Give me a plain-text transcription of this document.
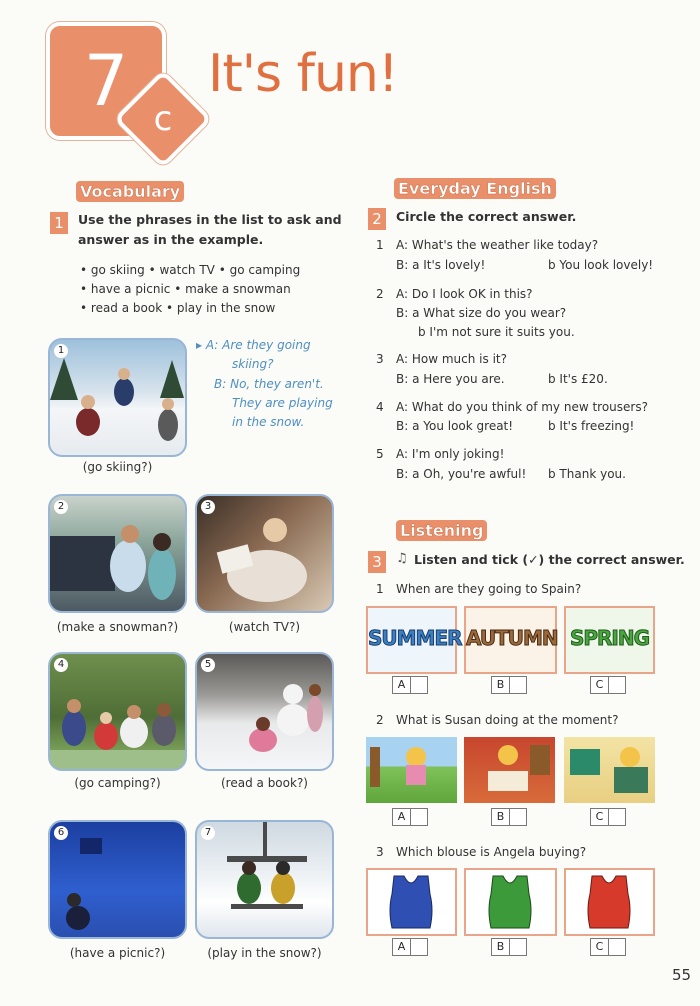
7 c
It's fun!
Vocabulary
1	Use the phrases in the list to ask and
answer as in the example.
• go skiing • watch TV • go camping
• have a picnic • make a snowman
• read a book • play in the snow
▸ A: Are they going
skiing?
B: No, they aren't.
They are playing
in the snow.
1
(go skiing?)
2
(make a snowman?)
3
(watch TV?)
4
(go camping?)
5
(read a book?)
6
(have a picnic?)
7
(play in the snow?)
Everyday English
2	Circle the correct answer.
1 A: What's the weather like today?
B: a It's lovely!	b You look lovely!
2 A: Do I look OK in this?
B: a What size do you wear?
b I'm not sure it suits you.
3 A: How much is it?
B: a Here you are.	b It's £20.
4 A: What do you think of my new trousers?
B: a You look great!	b It's freezing!
5 A: I'm only joking!
B: a Oh, you're awful! b Thank you.
Listening
3	♫ Listen and tick (✓) the correct answer.
1 When are they going to Spain?
SUMMER AUTUMN SPRING
A	B	C
2 What is Susan doing at the moment?
A	B	C
3 Which blouse is Angela buying?
A	B	C
55
